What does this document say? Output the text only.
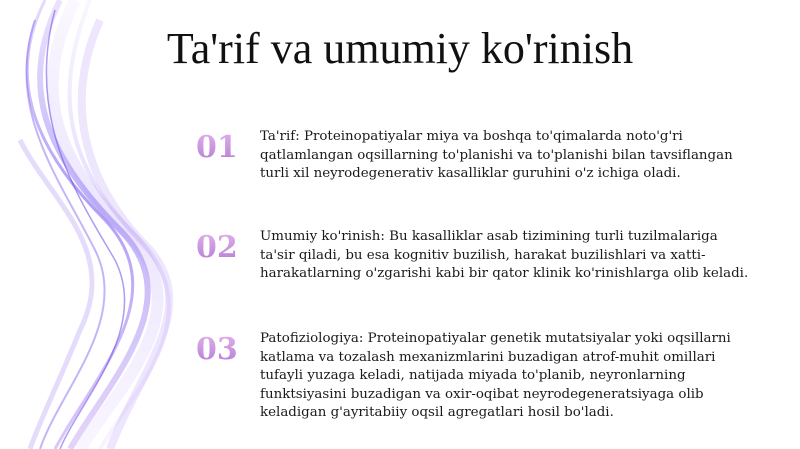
Ta'rif va umumiy ko'rinish
01	Ta'rif: Proteinopatiyalar miya va boshqa to'qimalarda noto'g'ri qatlamlangan oqsillarning to'planishi va to'planishi bilan tavsiflangan turli xil neyrodegenerativ kasalliklar guruhini o'z ichiga oladi.
02	Umumiy ko'rinish: Bu kasalliklar asab tizimining turli tuzilmalariga ta'sir qiladi, bu esa kognitiv buzilish, harakat buzilishlari va xatti-harakatlarning o'zgarishi kabi bir qator klinik ko'rinishlarga olib keladi.
03	Patofiziologiya: Proteinopatiyalar genetik mutatsiyalar yoki oqsillarni katlama va tozalash mexanizmlarini buzadigan atrof-muhit omillari tufayli yuzaga keladi, natijada miyada to'planib, neyronlarning funktsiyasini buzadigan va oxir-oqibat neyrodegeneratsiyaga olib keladigan g'ayritabiiy oqsil agregatlari hosil bo'ladi.
